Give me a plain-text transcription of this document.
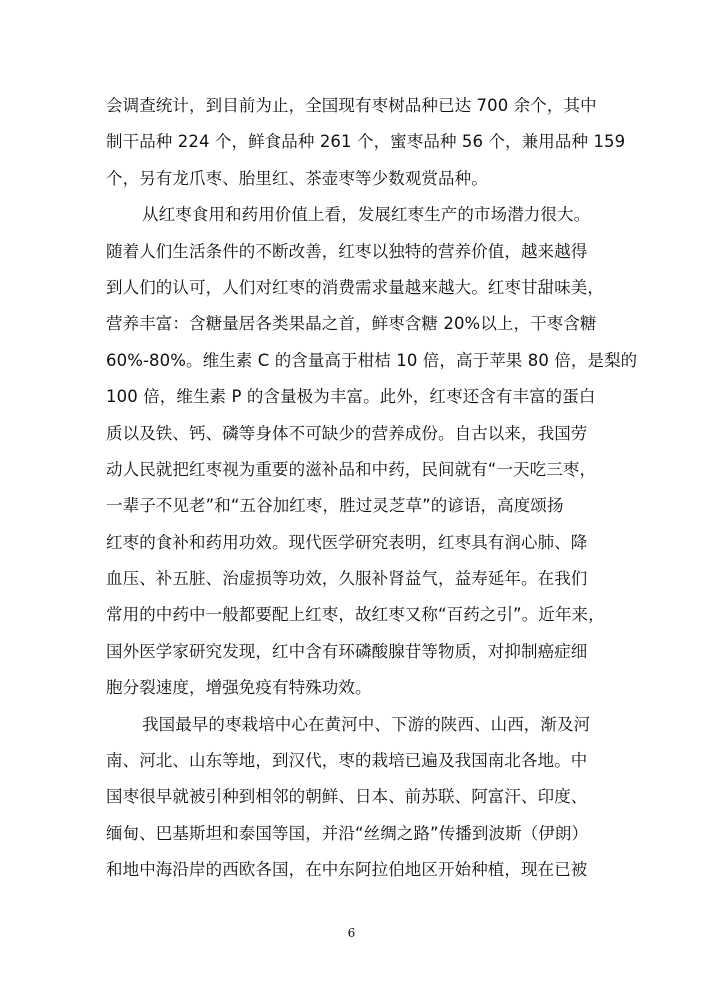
会调查统计，到目前为止，全国现有枣树品种已达 700 余个，其中
制干品种 224 个，鲜食品种 261 个，蜜枣品种 56 个，兼用品种 159
个，另有龙爪枣、胎里红、茶壶枣等少数观赏品种。
从红枣食用和药用价值上看，发展红枣生产的市场潜力很大。
随着人们生活条件的不断改善，红枣以独特的营养价值，越来越得
到人们的认可，人们对红枣的消费需求量越来越大。红枣甘甜味美，
营养丰富：含糖量居各类果晶之首，鲜枣含糖 20%以上，干枣含糖
60%-80%。维生素 C 的含量高于柑桔 10 倍，高于苹果 80 倍，是梨的
100 倍，维生素 P 的含量极为丰富。此外，红枣还含有丰富的蛋白
质以及铁、钙、磷等身体不可缺少的营养成份。自古以来，我国劳
动人民就把红枣视为重要的滋补品和中药，民间就有“一天吃三枣，
一辈子不见老”和“五谷加红枣，胜过灵芝草”的谚语，高度颂扬
红枣的食补和药用功效。现代医学研究表明，红枣具有润心肺、降
血压、补五脏、治虚损等功效，久服补肾益气，益寿延年。在我们
常用的中药中一般都要配上红枣，故红枣又称“百药之引”。近年来，
国外医学家研究发现，红中含有环磷酸腺苷等物质，对抑制癌症细
胞分裂速度，增强免疫有特殊功效。
我国最早的枣栽培中心在黄河中、下游的陕西、山西，渐及河
南、河北、山东等地，到汉代，枣的栽培已遍及我国南北各地。中
国枣很早就被引种到相邻的朝鲜、日本、前苏联、阿富汗、印度、
缅甸、巴基斯坦和泰国等国，并沿“丝绸之路”传播到波斯（伊朗）
和地中海沿岸的西欧各国，在中东阿拉伯地区开始种植，现在已被
6
